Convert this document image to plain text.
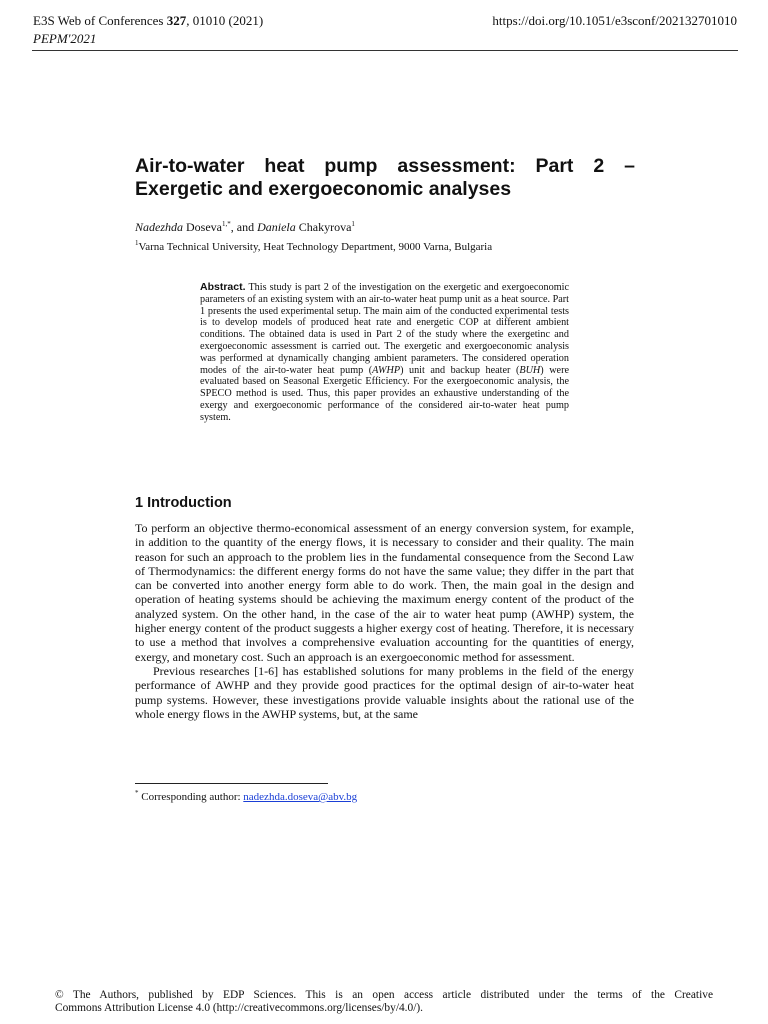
E3S Web of Conferences 327, 01010 (2021)
PEPM'2021
https://doi.org/10.1051/e3sconf/202132701010
Air-to-water heat pump assessment: Part 2 –
Exergetic and exergoeconomic analyses
Nadezhda Doseva$^{1,*}$, and Daniela Chakyrova$^1$
$^1$Varna Technical University, Heat Technology Department, 9000 Varna, Bulgaria

Abstract. This study is part 2 of the investigation on the exergetic and exergoeconomic parameters of an existing system with an air-to-water heat pump unit as a heat source. Part 1 presents the used experimental setup. The main aim of the conducted experimental tests is to develop models of produced heat rate and energetic COP at different ambient conditions. The obtained data is used in Part 2 of the study where the exergetinc and exergoeconomic assessment is carried out. The exergetic and exergoeconomic analysis was performed at dynamically changing ambient parameters. The considered operation modes of the air-to-water heat pump (AWHP) unit and backup heater (BUH) were evaluated based on Seasonal Exergetic Efficiency. For the exergoeconomic analysis, the SPECO method is used. Thus, this paper provides an exhaustive understanding of the exergy and exergoeconomic performance of the considered air-to-water heat pump system.

1 Introduction

To perform an objective thermo-economical assessment of an energy conversion system, for example, in addition to the quantity of the energy flows, it is necessary to consider and their quality. The main reason for such an approach to the problem lies in the fundamental consequence from the Second Law of Thermodynamics: the different energy forms do not have the same value; they differ in the part that can be converted into another energy form able to do work. Then, the main goal in the design and operation of heating systems should be achieving the maximum energy content of the product of the analyzed system. On the other hand, in the case of the air to water heat pump (AWHP) system, the higher energy content of the product suggests a higher exergy cost of heating. Therefore, it is necessary to use a method that involves a comprehensive evaluation accounting for the quantities of energy, exergy, and monetary cost. Such an approach is an exergoeconomic method for assessment.

Previous researches [1-6] has established solutions for many problems in the field of the energy performance of AWHP and they provide good practices for the optimal design of air-to-water heat pump systems. However, these investigations provide valuable insights about the rational use of the whole energy flows in the AWHP systems, but, at the same

* Corresponding author: nadezhda.doseva@abv.bg

© The Authors, published by EDP Sciences. This is an open access article distributed under the terms of the Creative
Commons Attribution License 4.0 (http://creativecommons.org/licenses/by/4.0/).
